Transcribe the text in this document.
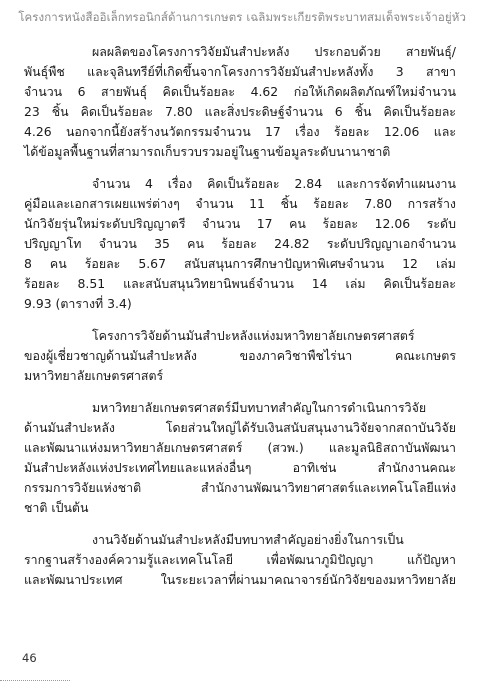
โครงการหนังสืออิเล็กทรอนิกส์ด้านการเกษตร เฉลิมพระเกียรติพระบาทสมเด็จพระเจ้าอยู่หัว
ผลผลิตของโครงการวิจัยมันสำปะหลัง ประกอบด้วย สายพันธุ์/
พันธุ์พืช และจุลินทรีย์ที่เกิดขึ้นจากโครงการวิจัยมันสำปะหลังทั้ง 3 สาขา
จำนวน 6 สายพันธุ์ คิดเป็นร้อยละ 4.62 ก่อให้เกิดผลิตภัณฑ์ใหม่จำนวน
23 ชิ้น คิดเป็นร้อยละ 7.80 และสิ่งประดิษฐ์จำนวน 6 ชิ้น คิดเป็นร้อยละ
4.26 นอกจากนี้ยังสร้างนวัตกรรมจำนวน 17 เรื่อง ร้อยละ 12.06 และ
ได้ข้อมูลพื้นฐานที่สามารถเก็บรวบรวมอยู่ในฐานข้อมูลระดับนานาชาติ
จำนวน 4 เรื่อง คิดเป็นร้อยละ 2.84 และการจัดทำแผนงาน
คู่มือและเอกสารเผยแพร่ต่างๆ จำนวน 11 ชิ้น ร้อยละ 7.80 การสร้าง
นักวิจัยรุ่นใหม่ระดับปริญญาตรี จำนวน 17 คน ร้อยละ 12.06 ระดับ
ปริญญาโท จำนวน 35 คน ร้อยละ 24.82 ระดับปริญญาเอกจำนวน
8 คน ร้อยละ 5.67 สนับสนุนการศึกษาปัญหาพิเศษจำนวน 12 เล่ม
ร้อยละ 8.51 และสนับสนุนวิทยานิพนธ์จำนวน 14 เล่ม คิดเป็นร้อยละ
9.93 (ตารางที่ 3.4)
โครงการวิจัยด้านมันสำปะหลังแห่งมหาวิทยาลัยเกษตรศาสตร์
ของผู้เชี่ยวชาญด้านมันสำปะหลัง	ของภาควิชาพืชไร่นา	คณะเกษตร
มหาวิทยาลัยเกษตรศาสตร์
มหาวิทยาลัยเกษตรศาสตร์มีบทบาทสำคัญในการดำเนินการวิจัย
ด้านมันสำปะหลัง	โดยส่วนใหญ่ได้รับเงินสนับสนุนงานวิจัยจากสถาบันวิจัย
และพัฒนาแห่งมหาวิทยาลัยเกษตรศาสตร์ (สวพ.) และมูลนิธิสถาบันพัฒนา
มันสำปะหลังแห่งประเทศไทยและแหล่งอื่นๆ	อาทิเช่น	สำนักงานคณะ
กรรมการวิจัยแห่งชาติ	สำนักงานพัฒนาวิทยาศาสตร์และเทคโนโลยีแห่ง
ชาติ เป็นต้น
งานวิจัยด้านมันสำปะหลังมีบทบาทสำคัญอย่างยิ่งในการเป็น
รากฐานสร้างองค์ความรู้และเทคโนโลยี	เพื่อพัฒนาภูมิปัญญา	แก้ปัญหา
และพัฒนาประเทศ	ในระยะเวลาที่ผ่านมาคณาจารย์นักวิจัยของมหาวิทยาลัย
46
